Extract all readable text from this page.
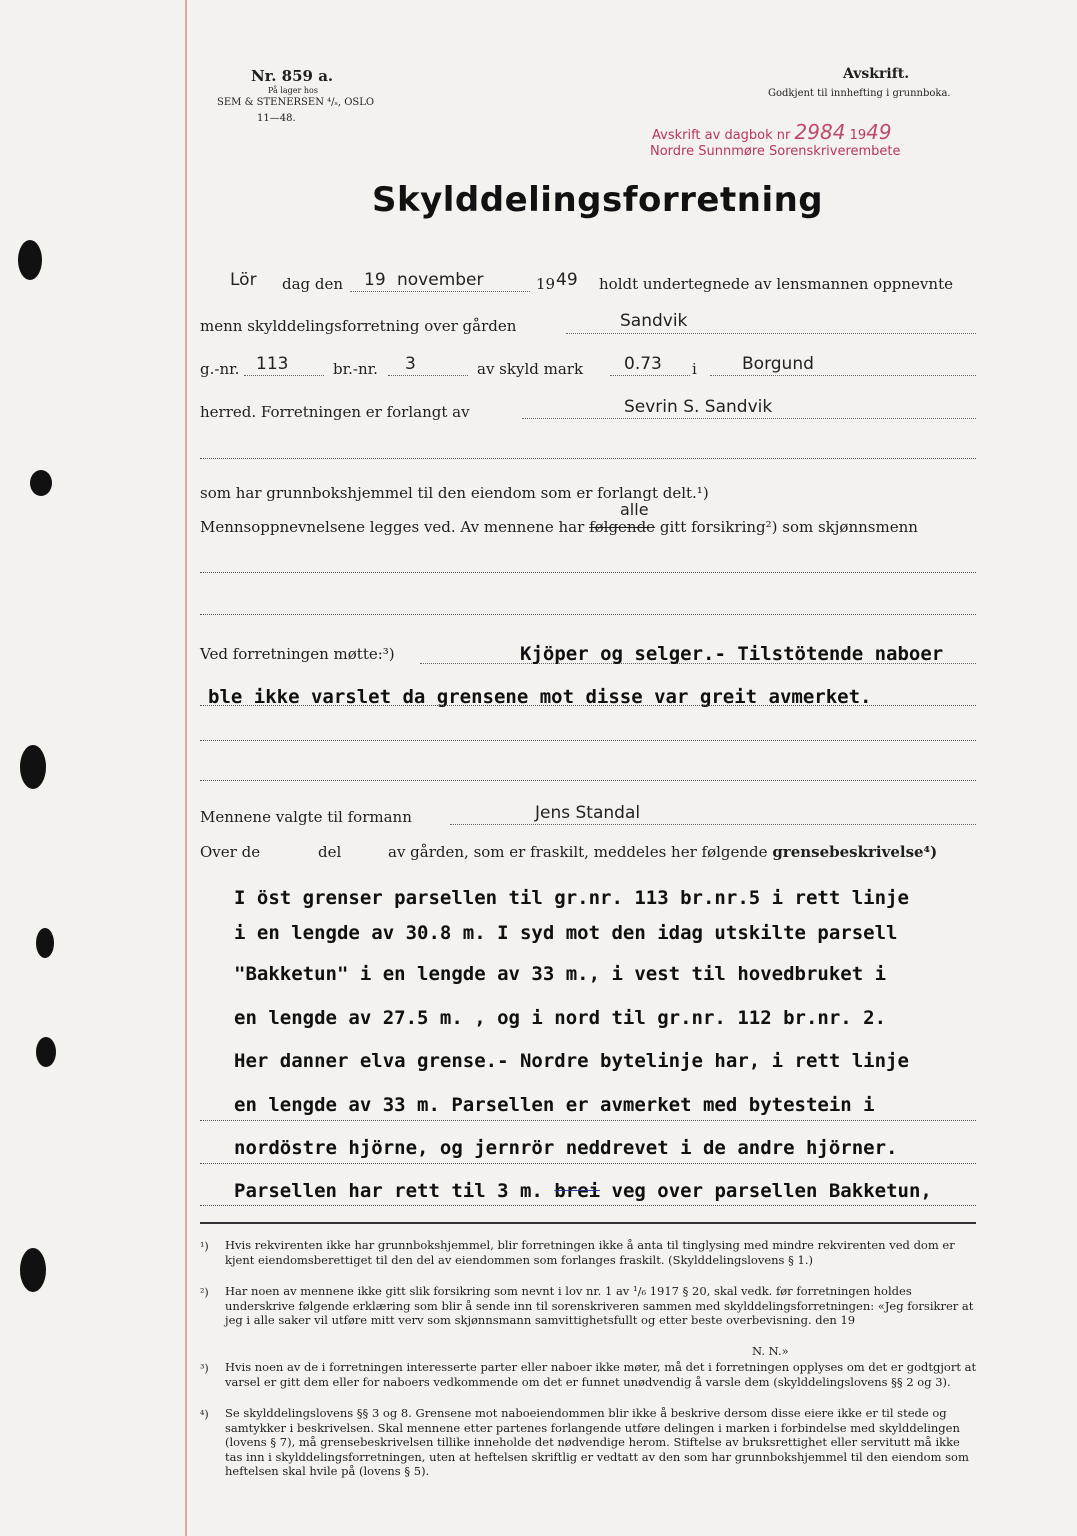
Nr. 859 a.
På lager hos
SEM & STENERSEN ⁴/ₛ, OSLO
11—48.
Avskrift.
Godkjent til innhefting i grunnboka.
Avskrift av dagbok nr 2984 1949
Nordre Sunnmøre Sorenskriverembete
Skylddelingsforretning
Lör dag den 19 november	19 49 holdt undertegnede av lensmannen oppnevnte
menn skylddelingsforretning over gården	Sandvik
g.-nr. 113	br.-nr. 3	av skyld mark 0.73 i	Borgund
herred. Forretningen er forlangt av	Sevrin S. Sandvik
som har grunnbokshjemmel til den eiendom som er forlangt delt.¹)
Mennsoppnevnelsene legges ved. Av mennene har følgende gitt forsikring²) som skjønnsmenn
alle
Ved forretningen møtte:³)	Kjöper og selger.- Tilstötende naboer
ble ikke varslet da grensene mot disse var greit avmerket.
Mennene valgte til formann	Jens Standal
Over de	del	av gården, som er fraskilt, meddeles her følgende grensebeskrivelse⁴)
I öst grenser parsellen til gr.nr. 113 br.nr.5 i rett linje
i en lengde av 30.8 m. I syd mot den idag utskilte parsell
"Bakketun" i en lengde av 33 m., i vest til hovedbruket i
en lengde av 27.5 m. , og i nord til gr.nr. 112 br.nr. 2.
Her danner elva grense.- Nordre bytelinje har, i rett linje
en lengde av 33 m. Parsellen er avmerket med bytestein i
nordöstre hjörne, og jernrör neddrevet i de andre hjörner.
Parsellen har rett til 3 m. brei veg over parsellen Bakketun,
¹) Hvis rekvirenten ikke har grunnbokshjemmel, blir forretningen ikke å anta til tinglysing med mindre rekvirenten ved dom er kjent eiendomsberettiget til den del av eiendommen som forlanges fraskilt. (Skylddelingslovens § 1.)
²) Har noen av mennene ikke gitt slik forsikring som nevnt i lov nr. 1 av ¹/₆ 1917 § 20, skal vedk. før forretningen holdes underskrive følgende erklæring som blir å sende inn til sorenskriveren sammen med skylddelingsforretningen: «Jeg forsikrer at jeg i alle saker vil utføre mitt verv som skjønnsmann samvittighetsfullt og etter beste overbevisning. den 19
N. N.»
³) Hvis noen av de i forretningen interesserte parter eller naboer ikke møter, må det i forretningen opplyses om det er godtgjort at varsel er gitt dem eller for naboers vedkommende om det er funnet unødvendig å varsle dem (skylddelingslovens §§ 2 og 3).
⁴) Se skylddelingslovens §§ 3 og 8. Grensene mot naboeiendommen blir ikke å beskrive dersom disse eiere ikke er til stede og samtykker i beskrivelsen. Skal mennene etter partenes forlangende utføre delingen i marken i forbindelse med skylddelingen (lovens § 7), må grensebeskrivelsen tillike inneholde det nødvendige herom. Stiftelse av bruksrettighet eller servitutt må ikke tas inn i skylddelingsforretningen, uten at heftelsen skriftlig er vedtatt av den som har grunnbokshjemmel til den eiendom som heftelsen skal hvile på (lovens § 5).
